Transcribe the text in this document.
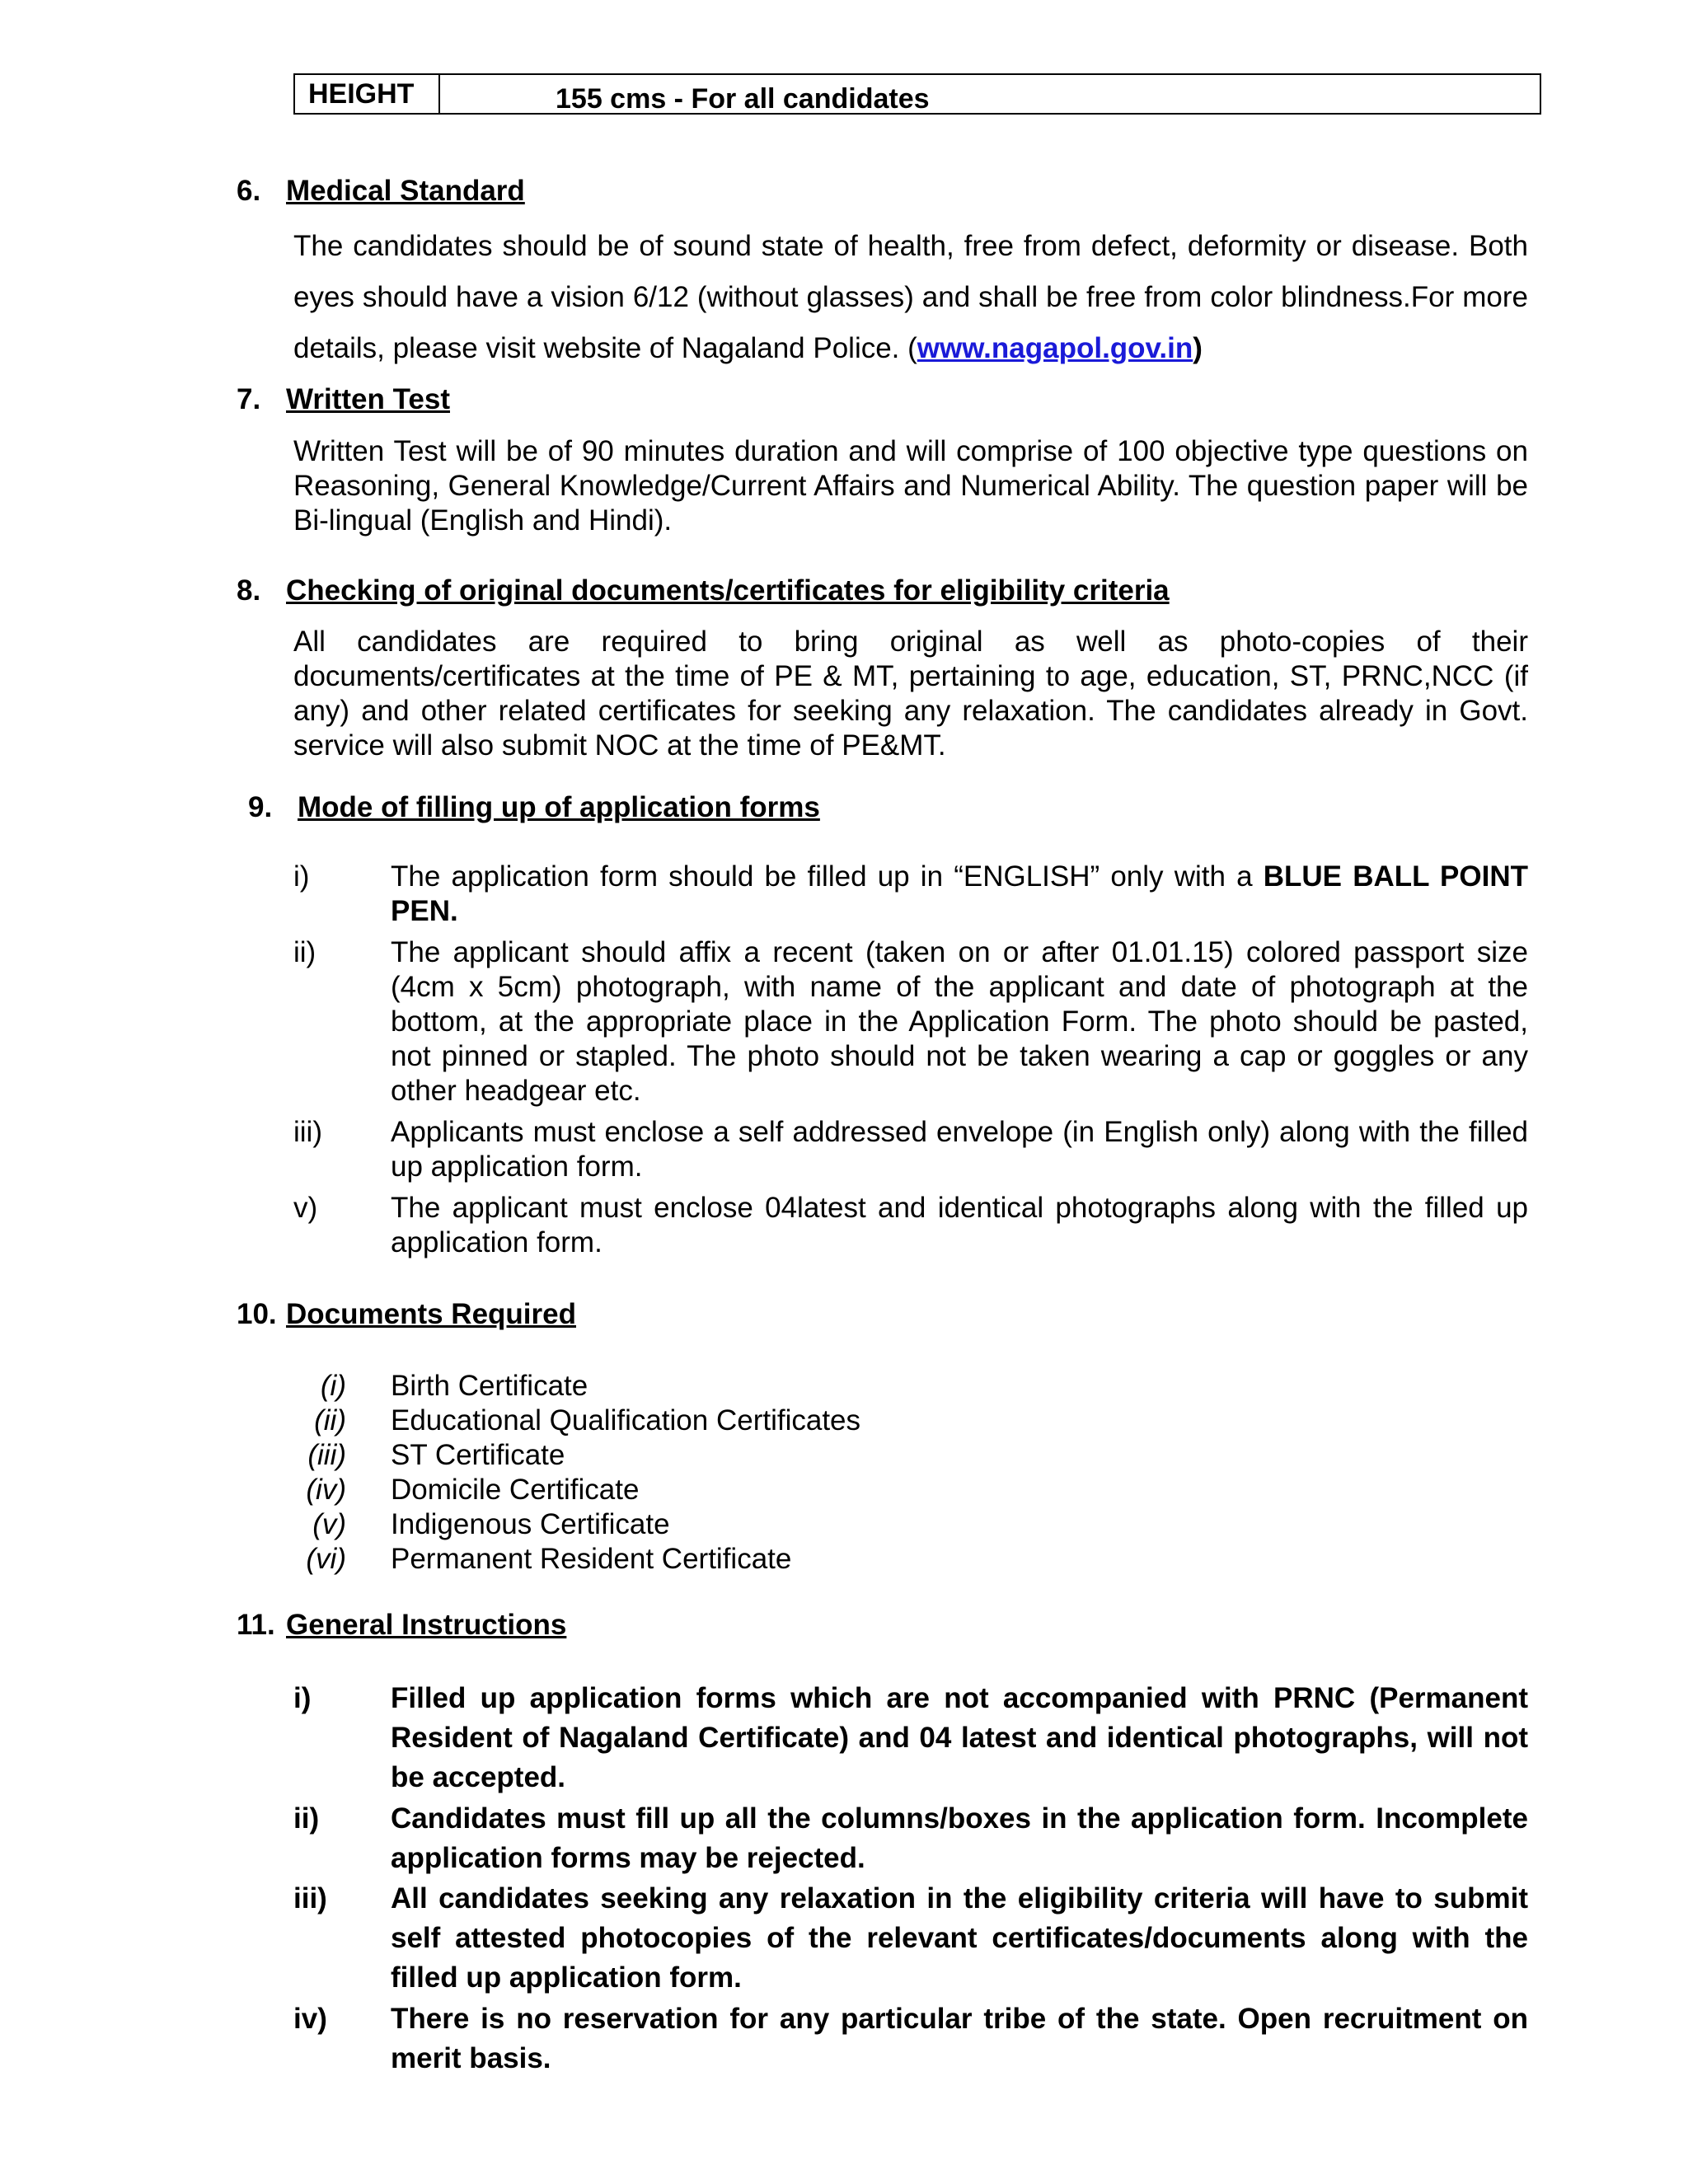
HEIGHT	155 cms - For all candidates
6. Medical Standard
The candidates should be of sound state of health, free from defect, deformity or disease. Both eyes should have a vision 6/12 (without glasses) and shall be free from color blindness.For more details, please visit website of Nagaland Police. (www.nagapol.gov.in)
7. Written Test
Written Test will be of 90 minutes duration and will comprise of 100 objective type questions on Reasoning, General Knowledge/Current Affairs and Numerical Ability. The question paper will be Bi-lingual (English and Hindi).
8. Checking of original documents/certificates for eligibility criteria
All candidates are required to bring original as well as photo-copies of their documents/certificates at the time of PE & MT, pertaining to age, education, ST, PRNC,NCC (if any) and other related certificates for seeking any relaxation. The candidates already in Govt. service will also submit NOC at the time of PE&MT.
9. Mode of filling up of application forms
i)	The application form should be filled up in “ENGLISH” only with a BLUE BALL POINT PEN.
ii)	The applicant should affix a recent (taken on or after 01.01.15) colored passport size (4cm x 5cm) photograph, with name of the applicant and date of photograph at the bottom, at the appropriate place in the Application Form. The photo should be pasted, not pinned or stapled. The photo should not be taken wearing a cap or goggles or any other headgear etc.
iii) Applicants must enclose a self addressed envelope (in English only) along with the filled up application form.
v)	The applicant must enclose 04latest and identical photographs along with the filled up application form.
10. Documents Required
(i) Birth Certificate
(ii) Educational Qualification Certificates
(iii) ST Certificate
(iv) Domicile Certificate
(v) Indigenous Certificate
(vi) Permanent Resident Certificate
11. General Instructions
i)	Filled up application forms which are not accompanied with PRNC (Permanent Resident of Nagaland Certificate) and 04 latest and identical photographs, will not be accepted.
ii) Candidates must fill up all the columns/boxes in the application form. Incomplete application forms may be rejected.
iii) All candidates seeking any relaxation in the eligibility criteria will have to submit self attested photocopies of the relevant certificates/documents along with the filled up application form.
iv) There is no reservation for any particular tribe of the state. Open recruitment on merit basis.
